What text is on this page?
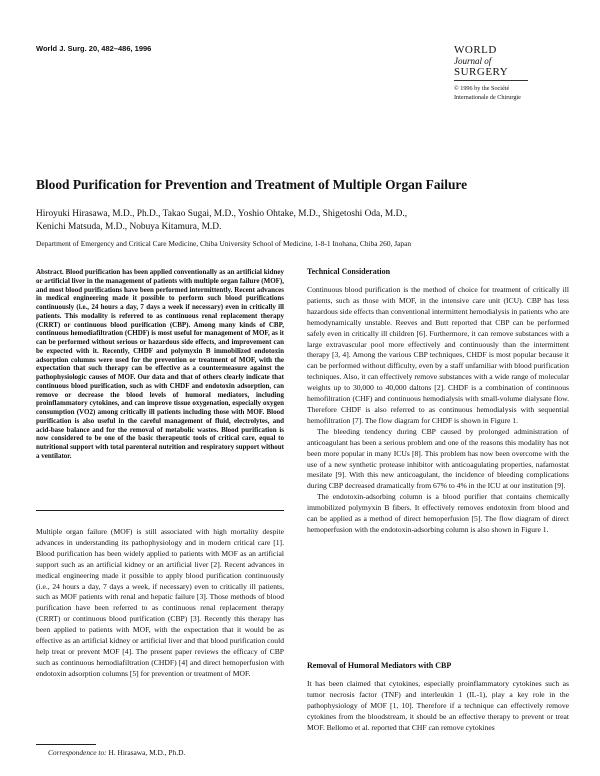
World J. Surg. 20, 482–486, 1996	WORLD
Journal of
SURGERY
© 1996 by the Société
Internationale de Chirurgie
Blood Purification for Prevention and Treatment of Multiple Organ Failure
Hiroyuki Hirasawa, M.D., Ph.D., Takao Sugai, M.D., Yoshio Ohtake, M.D., Shigetoshi Oda, M.D.,
Kenichi Matsuda, M.D., Nobuya Kitamura, M.D.
Department of Emergency and Critical Care Medicine, Chiba University School of Medicine, 1-8-1 Inohana, Chiba 260, Japan
Abstract. Blood purification has been applied conventionally as an artificial kidney or artificial liver in the management of patients with multiple organ failure (MOF), and most blood purifications have been performed intermittently. Recent advances in medical engineering made it possible to perform such blood purifications continuously (i.e., 24 hours a day, 7 days a week if necessary) even in critically ill patients. This modality is referred to as continuous renal replacement therapy (CRRT) or continuous blood purification (CBP). Among many kinds of CBP, continuous hemodiafiltration (CHDF) is most useful for management of MOF, as it can be performed without serious or hazardous side effects, and improvement can be expected with it. Recently, CHDF and polymyxin B immobilized endotoxin adsorption columns were used for the prevention or treatment of MOF, with the expectation that such therapy can be effective as a countermeasure against the pathophysiologic causes of MOF. Our data and that of others clearly indicate that continuous blood purification, such as with CHDF and endotoxin adsorption, can remove or decrease the blood levels of humoral mediators, including proinflammatory cytokines, and can improve tissue oxygenation, especially oxygen consumption (VO2) among critically ill patients including those with MOF. Blood purification is also useful in the careful management of fluid, electrolytes, and acid-base balance and for the removal of metabolic wastes. Blood purification is now considered to be one of the basic therapeutic tools of critical care, equal to nutritional support with total parenteral nutrition and respiratory support without a ventilator.
Multiple organ failure (MOF) is still associated with high mortality despite advances in understanding its pathophysiology and in modern critical care [1]. Blood purification has been widely applied to patients with MOF as an artificial support such as an artificial kidney or an artificial liver [2]. Recent advances in medical engineering made it possible to apply blood purification continuously (i.e., 24 hours a day, 7 days a week, if necessary) even to critically ill patients, such as MOF patients with renal and hepatic failure [3]. Those methods of blood purification have been referred to as continuous renal replacement therapy (CRRT) or continuous blood purification (CBP) [3]. Recently this therapy has been applied to patients with MOF, with the expectation that it would be as effective as an artificial kidney or artificial liver and that blood purification could help treat or prevent MOF [4]. The present paper reviews the efficacy of CBP such as continuous hemodiafiltration (CHDF) [4] and direct hemoperfusion with endotoxin adsorption columns [5] for prevention or treatment of MOF.
Correspondence to: H. Hirasawa, M.D., Ph.D.
Technical Consideration

Continuous blood purification is the method of choice for treatment of critically ill patients, such as those with MOF, in the intensive care unit (ICU). CBP has less hazardous side effects than conventional intermittent hemodialysis in patients who are hemodynamically unstable. Reeves and Butt reported that CBP can be performed safely even in critically ill children [6]. Furthermore, it can remove substances with a large extravascular pool more effectively and continuously than the intermittent therapy [3, 4]. Among the various CBP techniques, CHDF is most popular because it can be performed without difficulty, even by a staff unfamiliar with blood purification techniques. Also, it can effectively remove substances with a wide range of molecular weights up to 30,000 to 40,000 daltons [2]. CHDF is a combination of continuous hemofiltration (CHF) and continuous hemodialysis with small-volume dialysate flow. Therefore CHDF is also referred to as continuous hemodialysis with sequential hemofiltration [7]. The flow diagram for CHDF is shown in Figure 1.

The bleeding tendency during CBP caused by prolonged administration of anticoagulant has been a serious problem and one of the reasons this modality has not been more popular in many ICUs [8]. This problem has now been overcome with the use of a new synthetic protease inhibitor with anticoagulating properties, nafamostat mesilate [9]. With this new anticoagulant, the incidence of bleeding complications during CBP decreased dramatically from 67% to 4% in the ICU at our institution [9].

The endotoxin-adsorbing column is a blood purifier that contains chemically immobilized polymyxin B fibers. It effectively removes endotoxin from blood and can be applied as a method of direct hemoperfusion [5]. The flow diagram of direct hemoperfusion with the endotoxin-adsorbing column is also shown in Figure 1.

Removal of Humoral Mediators with CBP

It has been claimed that cytokines, especially proinflammatory cytokines such as tumor necrosis factor (TNF) and interleukin 1 (IL-1), play a key role in the pathophysiology of MOF [1, 10]. Therefore if a technique can effectively remove cytokines from the bloodstream, it should be an effective therapy to prevent or treat MOF. Bellomo et al. reported that CHF can remove cytokines
